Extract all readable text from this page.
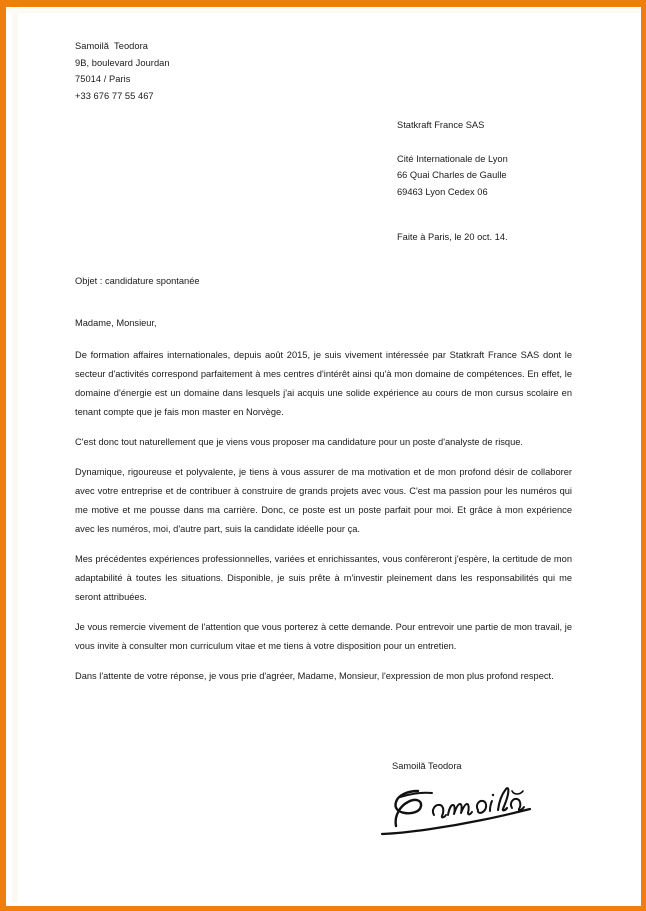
Samoilă  Teodora
9B, boulevard Jourdan
75014 / Paris
+33 676 77 55 467
Statkraft France SAS
Cité Internationale de Lyon
66 Quai Charles de Gaulle
69463 Lyon Cedex 06
Faite à Paris, le 20 oct. 14.
Objet : candidature spontanée
Madame, Monsieur,

De formation affaires internationales, depuis août 2015, je suis vivement intéressée par Statkraft France SAS dont le secteur d'activités correspond parfaitement à mes centres d'intérêt ainsi qu'à mon domaine de compétences. En effet, le domaine d'énergie est un domaine dans lesquels j'ai acquis une solide expérience au cours de mon cursus scolaire en tenant compte que je fais mon master en Norvège.

C'est donc tout naturellement que je viens vous proposer ma candidature pour un poste d'analyste de risque.

Dynamique, rigoureuse et polyvalente, je tiens à vous assurer de ma motivation et de mon profond désir de collaborer avec votre entreprise et de contribuer à construire de grands projets avec vous. C'est ma passion pour les numéros qui me motive et me pousse dans ma carrière. Donc, ce poste est un poste parfait pour moi. Et grâce à mon expérience avec les numéros, moi, d'autre part, suis la candidate idéelle pour ça.

Mes précédentes expériences professionnelles, variées et enrichissantes, vous confèreront j'espère, la certitude de mon adaptabilité à toutes les situations. Disponible, je suis prête à m'investir pleinement dans les responsabilités qui me seront attribuées.

Je vous remercie vivement de l'attention que vous porterez à cette demande. Pour entrevoir une partie de mon travail, je vous invite à consulter mon curriculum vitae et me tiens à votre disposition pour un entretien.

Dans l'attente de votre réponse, je vous prie d'agréer, Madame, Monsieur, l'expression de mon plus profond respect.

Samoilă Teodora
